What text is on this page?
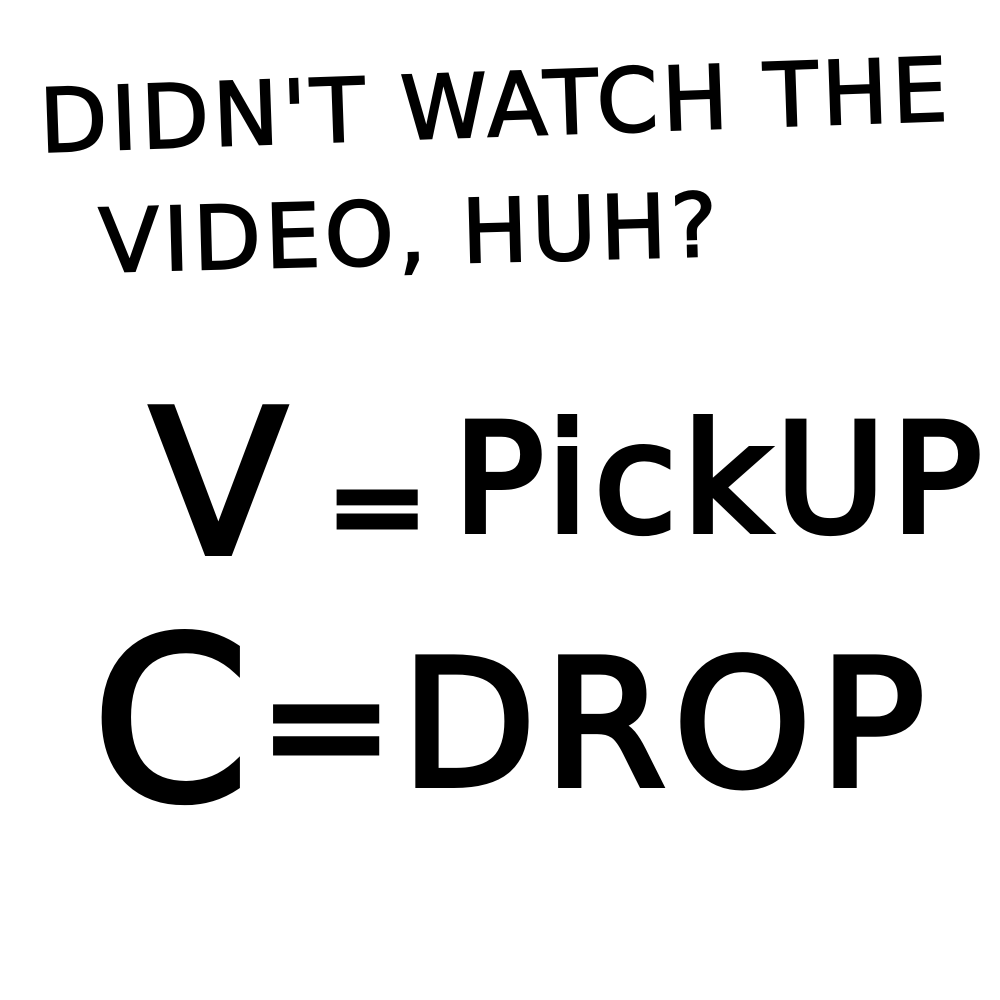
DIDN'T WATCH THE
VIDEO, HUH?
V = PickUP
C = DROP
